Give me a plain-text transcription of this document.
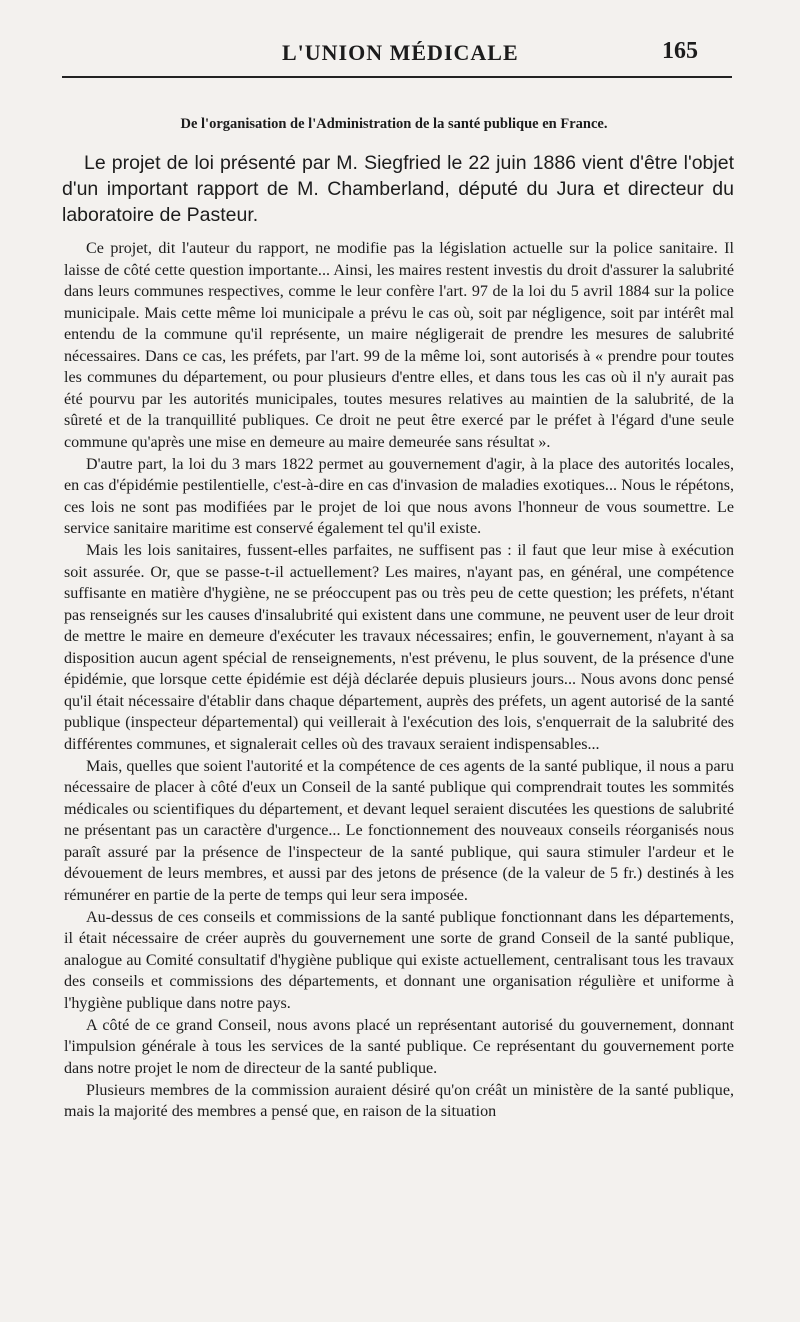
L'UNION MÉDICALE	165
De l'organisation de l'Administration de la santé publique en France.

Le projet de loi présenté par M. Siegfried le 22 juin 1886 vient d'être l'objet d'un important rapport de M. Chamberland, député du Jura et directeur du laboratoire de Pasteur.

Ce projet, dit l'auteur du rapport, ne modifie pas la législation actuelle sur la police sanitaire. Il laisse de côté cette question importante... Ainsi, les maires restent investis du droit d'assurer la salubrité dans leurs communes respectives, comme le leur confère l'art. 97 de la loi du 5 avril 1884 sur la police municipale. Mais cette même loi municipale a prévu le cas où, soit par négligence, soit par intérêt mal entendu de la commune qu'il représente, un maire négligerait de prendre les mesures de salubrité nécessaires. Dans ce cas, les préfets, par l'art. 99 de la même loi, sont autorisés à « prendre pour toutes les communes du département, ou pour plusieurs d'entre elles, et dans tous les cas où il n'y aurait pas été pourvu par les autorités municipales, toutes mesures relatives au maintien de la salubrité, de la sûreté et de la tranquillité publiques. Ce droit ne peut être exercé par le préfet à l'égard d'une seule commune qu'après une mise en demeure au maire demeurée sans résultat ».

D'autre part, la loi du 3 mars 1822 permet au gouvernement d'agir, à la place des autorités locales, en cas d'épidémie pestilentielle, c'est-à-dire en cas d'invasion de maladies exotiques... Nous le répétons, ces lois ne sont pas modifiées par le projet de loi que nous avons l'honneur de vous soumettre. Le service sanitaire maritime est conservé également tel qu'il existe.

Mais les lois sanitaires, fussent-elles parfaites, ne suffisent pas : il faut que leur mise à exécution soit assurée. Or, que se passe-t-il actuellement? Les maires, n'ayant pas, en général, une compétence suffisante en matière d'hygiène, ne se préoccupent pas ou très peu de cette question; les préfets, n'étant pas renseignés sur les causes d'insalubrité qui existent dans une commune, ne peuvent user de leur droit de mettre le maire en demeure d'exécuter les travaux nécessaires; enfin, le gouvernement, n'ayant à sa disposition aucun agent spécial de renseignements, n'est prévenu, le plus souvent, de la présence d'une épidémie, que lorsque cette épidémie est déjà déclarée depuis plusieurs jours... Nous avons donc pensé qu'il était nécessaire d'établir dans chaque département, auprès des préfets, un agent autorisé de la santé publique (inspecteur départemental) qui veillerait à l'exécution des lois, s'enquerrait de la salubrité des différentes communes, et signalerait celles où des travaux seraient indispensables...

Mais, quelles que soient l'autorité et la compétence de ces agents de la santé publique, il nous a paru nécessaire de placer à côté d'eux un Conseil de la santé publique qui comprendrait toutes les sommités médicales ou scientifiques du département, et devant lequel seraient discutées les questions de salubrité ne présentant pas un caractère d'urgence... Le fonctionnement des nouveaux conseils réorganisés nous paraît assuré par la présence de l'inspecteur de la santé publique, qui saura stimuler l'ardeur et le dévouement de leurs membres, et aussi par des jetons de présence (de la valeur de 5 fr.) destinés à les rémunérer en partie de la perte de temps qui leur sera imposée.

Au-dessus de ces conseils et commissions de la santé publique fonctionnant dans les départements, il était nécessaire de créer auprès du gouvernement une sorte de grand Conseil de la santé publique, analogue au Comité consultatif d'hygiène publique qui existe actuellement, centralisant tous les travaux des conseils et commissions des départements, et donnant une organisation régulière et uniforme à l'hygiène publique dans notre pays.

A côté de ce grand Conseil, nous avons placé un représentant autorisé du gouvernement, donnant l'impulsion générale à tous les services de la santé publique. Ce représentant du gouvernement porte dans notre projet le nom de directeur de la santé publique.

Plusieurs membres de la commission auraient désiré qu'on créât un ministère de la santé publique, mais la majorité des membres a pensé que, en raison de la situation
